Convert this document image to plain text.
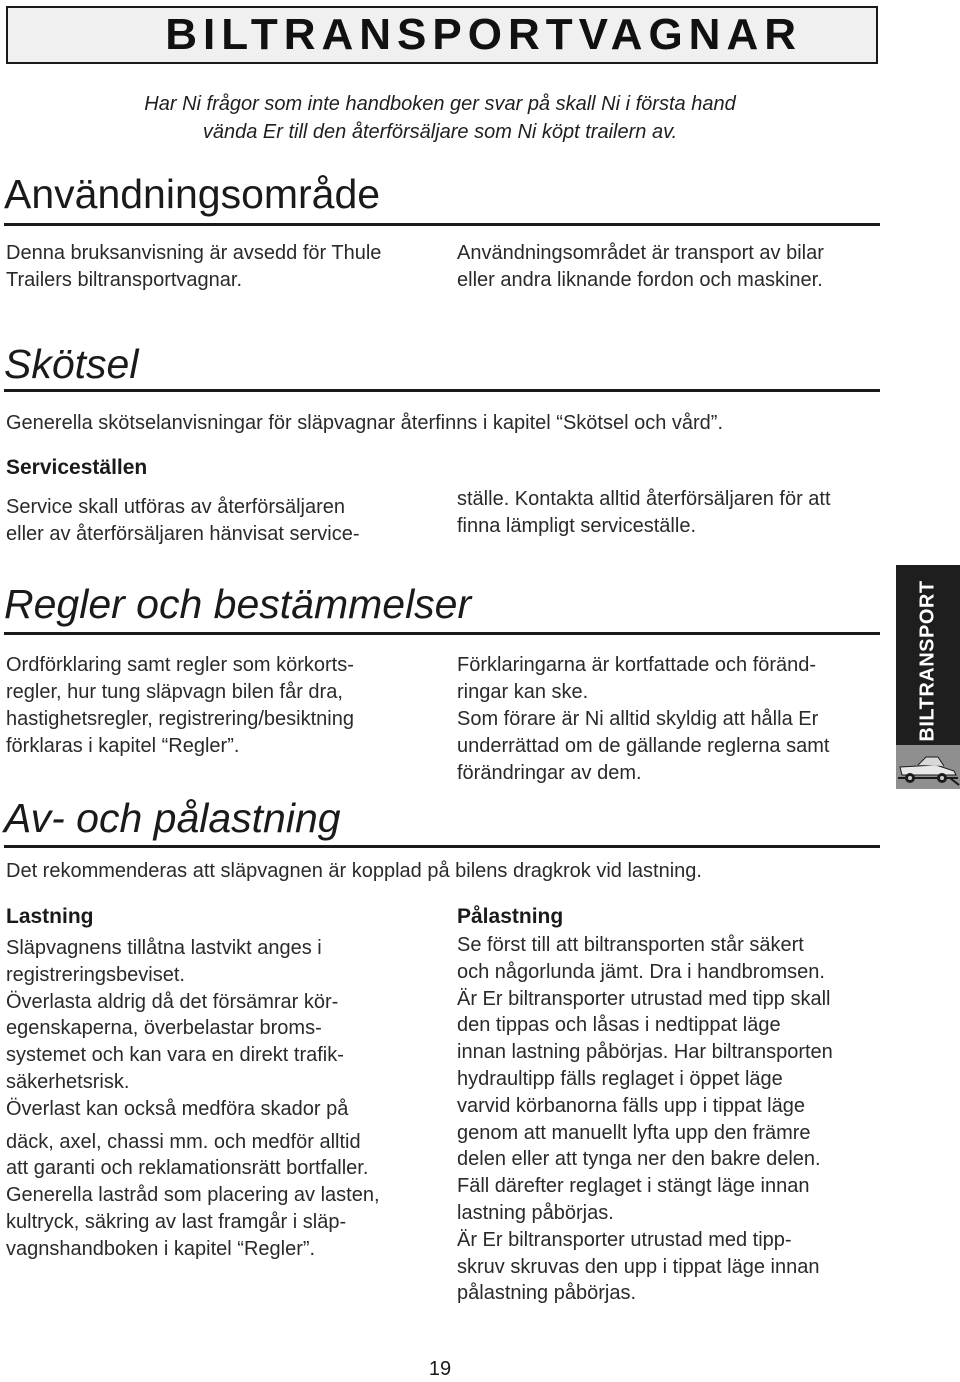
BILTRANSPORTVAGNAR

Har Ni frågor som inte handboken ger svar på skall Ni i första hand

vända Er till den återförsäljare som Ni köpt trailern av.

Användningsområde

Denna bruksanvisning är avsedd för Thule

Trailers biltransportvagnar.

Användningsområdet är transport av bilar

eller andra liknande fordon och maskiner.

Skötsel

Generella skötselanvisningar för släpvagnar återfinns i kapitel “Skötsel och vård”.

Serviceställen

Service skall utföras av återförsäljaren

eller av återförsäljaren hänvisat service-

ställe. Kontakta alltid återförsäljaren för att

finna lämpligt serviceställe.

Regler och bestämmelser

Ordförklaring samt regler som körkorts-

regler, hur tung släpvagn bilen får dra,

hastighetsregler, registrering/besiktning

förklaras i kapitel “Regler”.

Förklaringarna är kortfattade och föränd-

ringar kan ske.

Som förare är Ni alltid skyldig att hålla Er

underrättad om de gällande reglerna samt

förändringar av dem.

BILTRANSPORT
Av- och pålastning

Det rekommenderas att släpvagnen är kopplad på bilens dragkrok vid lastning.

Lastning

Släpvagnens tillåtna lastvikt anges i

registreringsbeviset.

Överlasta aldrig då det försämrar kör-

egenskaperna, överbelastar broms-

systemet och kan vara en direkt trafik-

säkerhetsrisk.

Överlast kan också medföra skador på

däck, axel, chassi mm. och medför alltid

att garanti och reklamationsrätt bortfaller.

Generella lastråd som placering av lasten,

kultryck, säkring av last framgår i släp-

vagnshandboken i kapitel “Regler”.

Pålastning

Se först till att biltransporten står säkert

och någorlunda jämt. Dra i handbromsen.

Är Er biltransporter utrustad med tipp skall

den tippas och låsas i nedtippat läge

innan lastning påbörjas. Har biltransporten

hydraultipp fälls reglaget i öppet läge

varvid körbanorna fälls upp i tippat läge

genom att manuellt lyfta upp den främre

delen eller att tynga ner den bakre delen.

Fäll därefter reglaget i stängt läge innan

lastning påbörjas.

Är Er biltransporter utrustad med tipp-

skruv skruvas den upp i tippat läge innan

pålastning påbörjas.

19
